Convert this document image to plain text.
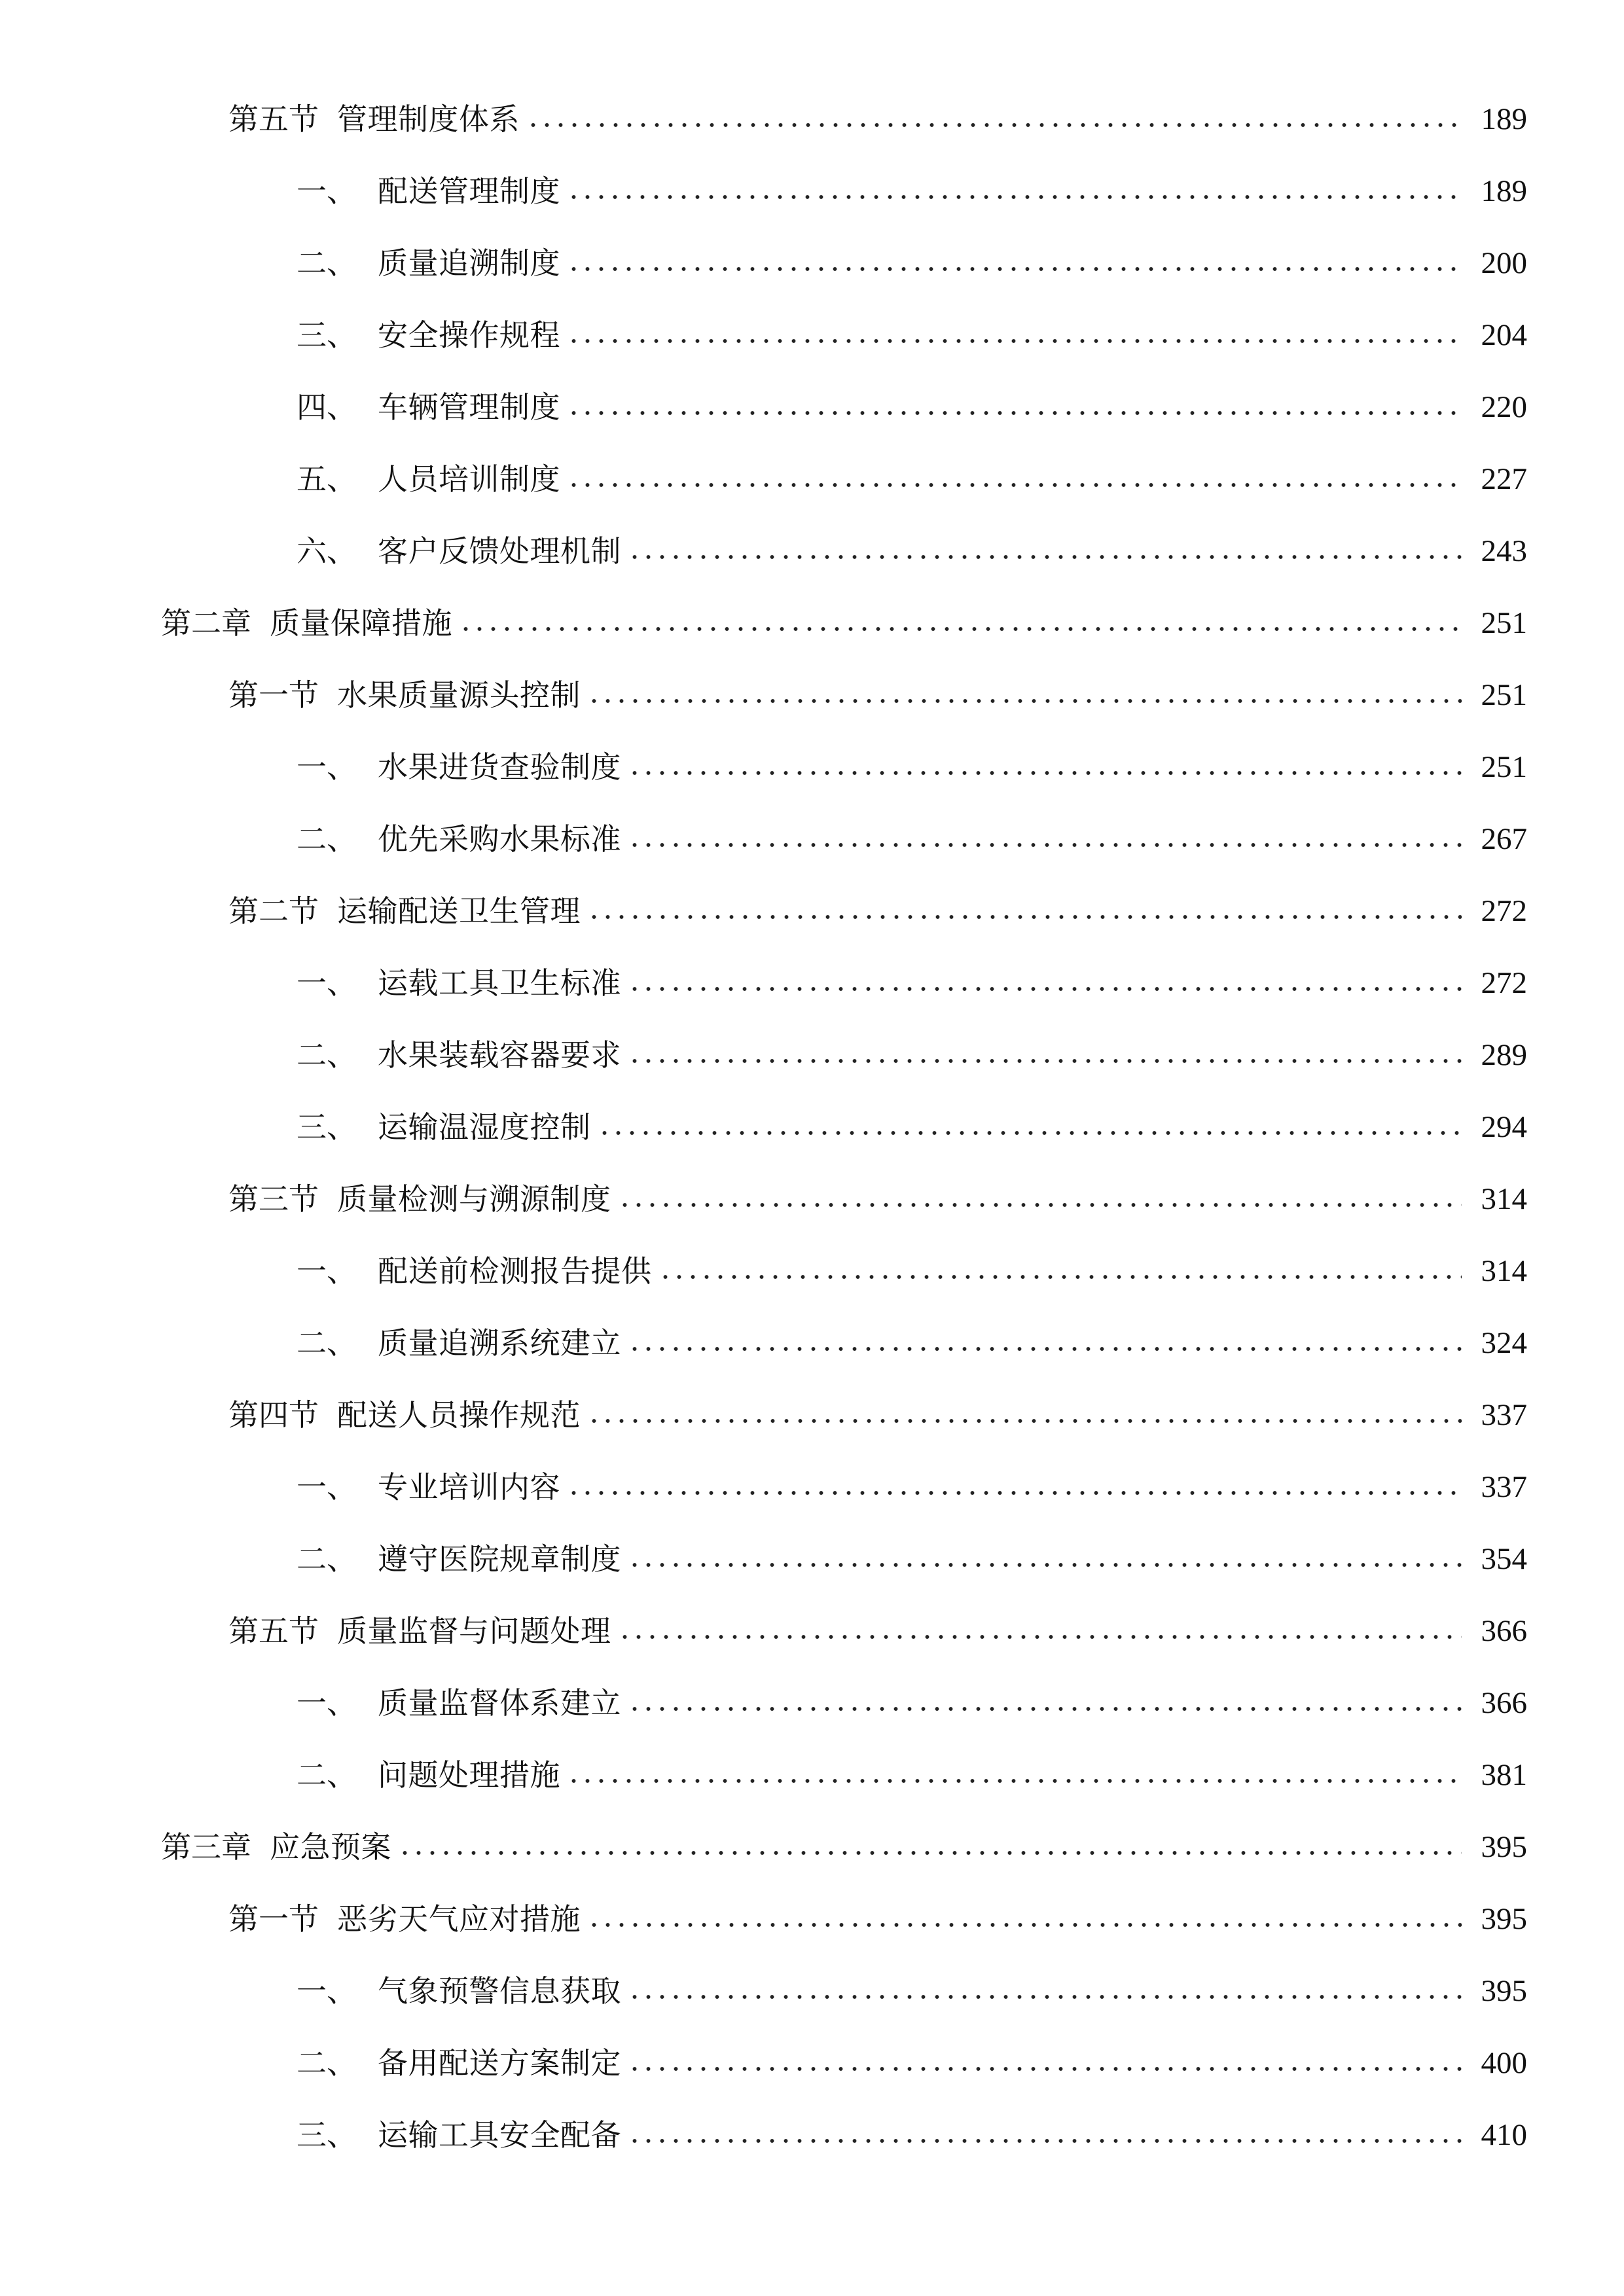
第五节 管理制度体系	189
一、 配送管理制度	189
二、 质量追溯制度	200
三、 安全操作规程	204
四、 车辆管理制度	220
五、 人员培训制度	227
六、 客户反馈处理机制	243
第二章 质量保障措施	251
第一节 水果质量源头控制	251
一、 水果进货查验制度	251
二、 优先采购水果标准	267
第二节 运输配送卫生管理	272
一、 运载工具卫生标准	272
二、 水果装载容器要求	289
三、 运输温湿度控制	294
第三节 质量检测与溯源制度	314
一、 配送前检测报告提供	314
二、 质量追溯系统建立	324
第四节 配送人员操作规范	337
一、 专业培训内容	337
二、 遵守医院规章制度	354
第五节 质量监督与问题处理	366
一、 质量监督体系建立	366
二、 问题处理措施	381
第三章 应急预案	395
第一节 恶劣天气应对措施	395
一、 气象预警信息获取	395
二、 备用配送方案制定	400
三、 运输工具安全配备	410
